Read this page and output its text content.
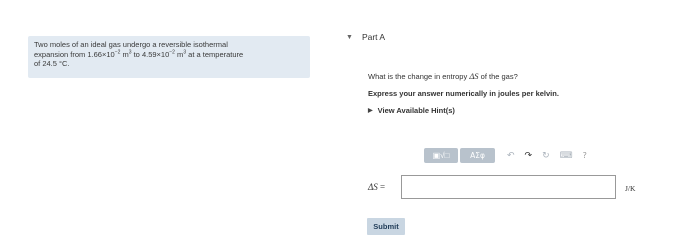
Two moles of an ideal gas undergo a reversible isothermal
expansion from $1.66\times 10^{-2}$ $m^3$ to $4.59\times 10^{-2}$ $m^3$ at a temperature
of 24.5 °C.
▼ Part A
What is the change in entropy ΔS of the gas?
Express your answer numerically in joules per kelvin.
▶ View Available Hint(s)
▣√□	ΑΣφ	↶ ↷ ↻ ⌨ ?
ΔS =	J/K
Submit
